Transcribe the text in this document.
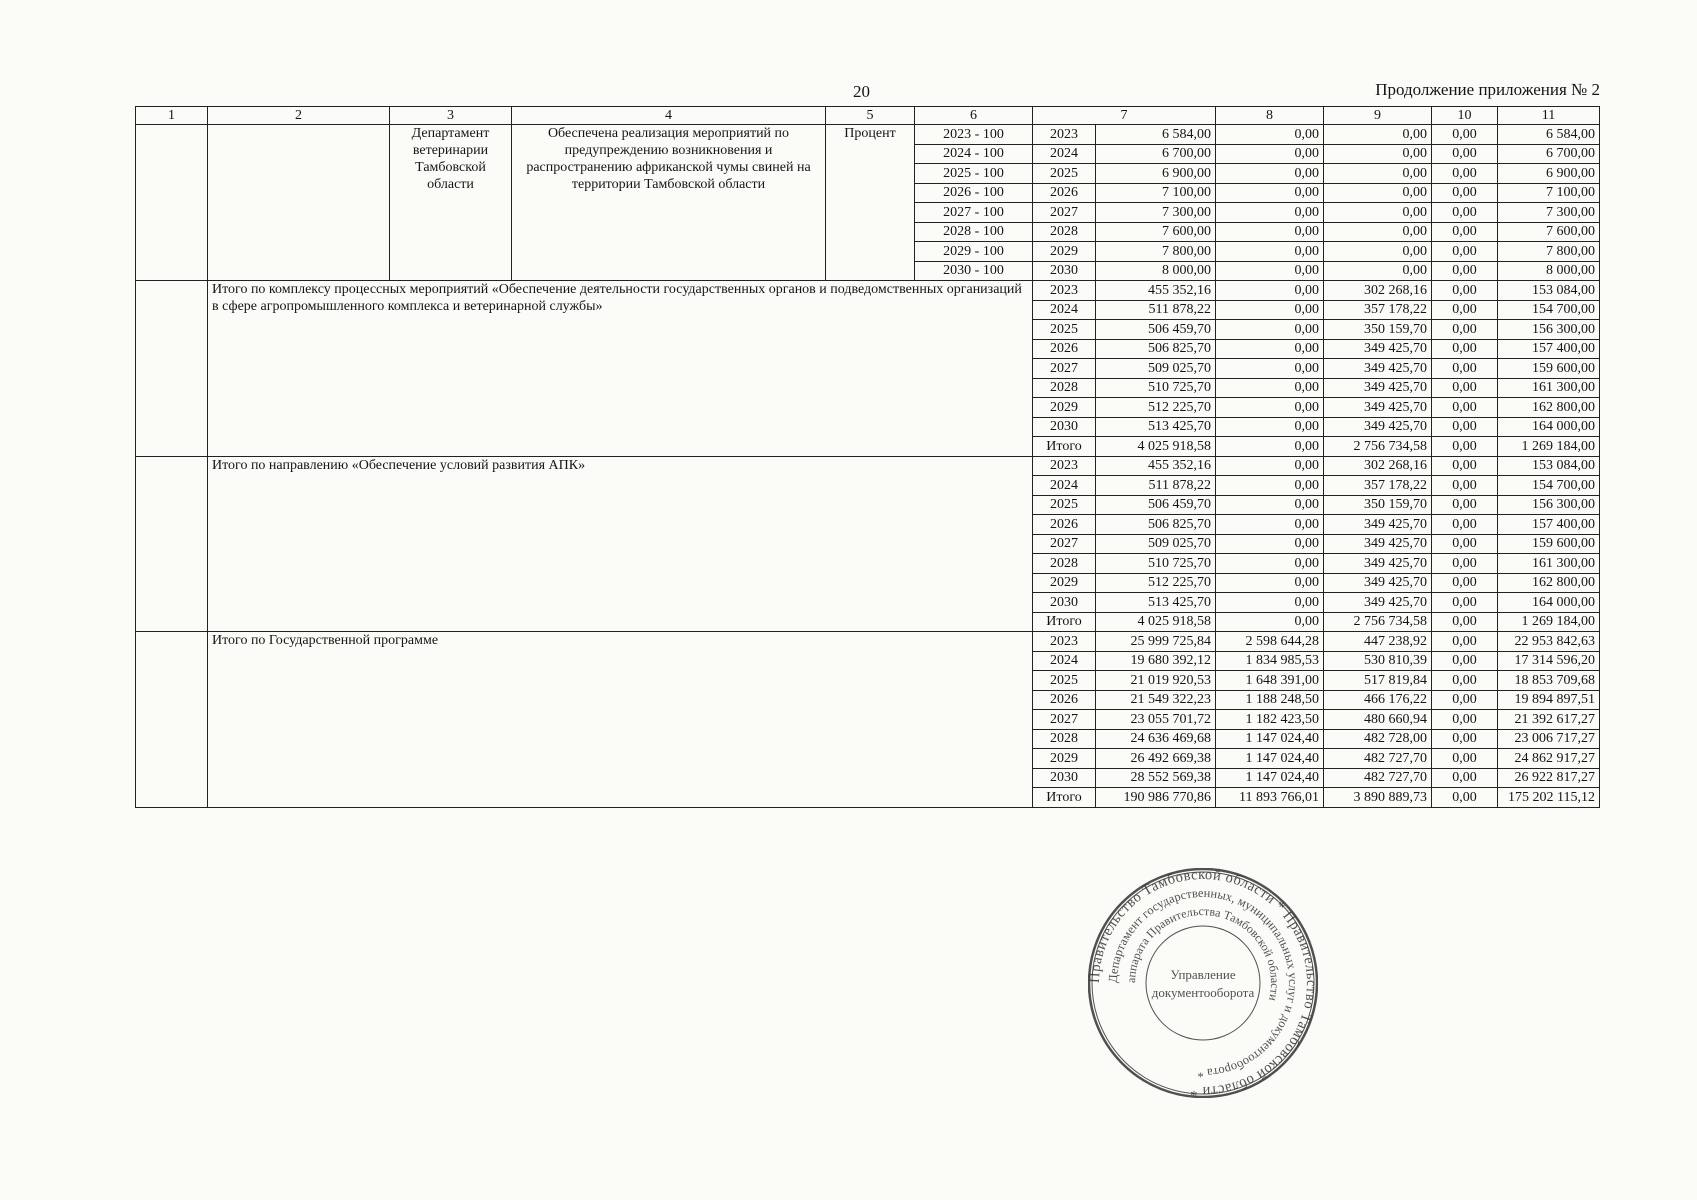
20	Продолжение приложения № 2
1	2	3	4	5	6	7		8	9	10	11
		Департамент ветеринарии Тамбовской области	Обеспечена реализация мероприятий по предупреждению возникновения и распространению африканской чумы свиней на территории Тамбовской области	Процент	2023 - 100	2023	6 584,00	0,00	0,00	0,00	6 584,00
					2024 - 100	2024	6 700,00	0,00	0,00	0,00	6 700,00
					2025 - 100	2025	6 900,00	0,00	0,00	0,00	6 900,00
					2026 - 100	2026	7 100,00	0,00	0,00	0,00	7 100,00
					2027 - 100	2027	7 300,00	0,00	0,00	0,00	7 300,00
					2028 - 100	2028	7 600,00	0,00	0,00	0,00	7 600,00
					2029 - 100	2029	7 800,00	0,00	0,00	0,00	7 800,00
					2030 - 100	2030	8 000,00	0,00	0,00	0,00	8 000,00
	Итого по комплексу процессных мероприятий «Обеспечение деятельности государственных органов и подведомственных организаций в сфере агропромышленного комплекса и ветеринарной службы»					2023	455 352,16	0,00	302 268,16	0,00	153 084,00
						2024	511 878,22	0,00	357 178,22	0,00	154 700,00
						2025	506 459,70	0,00	350 159,70	0,00	156 300,00
						2026	506 825,70	0,00	349 425,70	0,00	157 400,00
						2027	509 025,70	0,00	349 425,70	0,00	159 600,00
						2028	510 725,70	0,00	349 425,70	0,00	161 300,00
						2029	512 225,70	0,00	349 425,70	0,00	162 800,00
						2030	513 425,70	0,00	349 425,70	0,00	164 000,00
						Итого	4 025 918,58	0,00	2 756 734,58	0,00	1 269 184,00
	Итого по направлению «Обеспечение условий развития АПК»					2023	455 352,16	0,00	302 268,16	0,00	153 084,00
						2024	511 878,22	0,00	357 178,22	0,00	154 700,00
						2025	506 459,70	0,00	350 159,70	0,00	156 300,00
						2026	506 825,70	0,00	349 425,70	0,00	157 400,00
						2027	509 025,70	0,00	349 425,70	0,00	159 600,00
						2028	510 725,70	0,00	349 425,70	0,00	161 300,00
						2029	512 225,70	0,00	349 425,70	0,00	162 800,00
						2030	513 425,70	0,00	349 425,70	0,00	164 000,00
						Итого	4 025 918,58	0,00	2 756 734,58	0,00	1 269 184,00
	Итого по Государственной программе					2023	25 999 725,84	2 598 644,28	447 238,92	0,00	22 953 842,63
						2024	19 680 392,12	1 834 985,53	530 810,39	0,00	17 314 596,20
						2025	21 019 920,53	1 648 391,00	517 819,84	0,00	18 853 709,68
						2026	21 549 322,23	1 188 248,50	466 176,22	0,00	19 894 897,51
						2027	23 055 701,72	1 182 423,50	480 660,94	0,00	21 392 617,27
						2028	24 636 469,68	1 147 024,40	482 728,00	0,00	23 006 717,27
						2029	26 492 669,38	1 147 024,40	482 727,70	0,00	24 862 917,27
						2030	28 552 569,38	1 147 024,40	482 727,70	0,00	26 922 817,27
						Итого	190 986 770,86	11 893 766,01	3 890 889,73	0,00	175 202 115,12
Правительство Тамбовской области * Правительство Тамбовской области *
Департамент государственных, муниципальных услуг и документооборота *
аппарата Правительства Тамбовской области
Управление
документооборота
